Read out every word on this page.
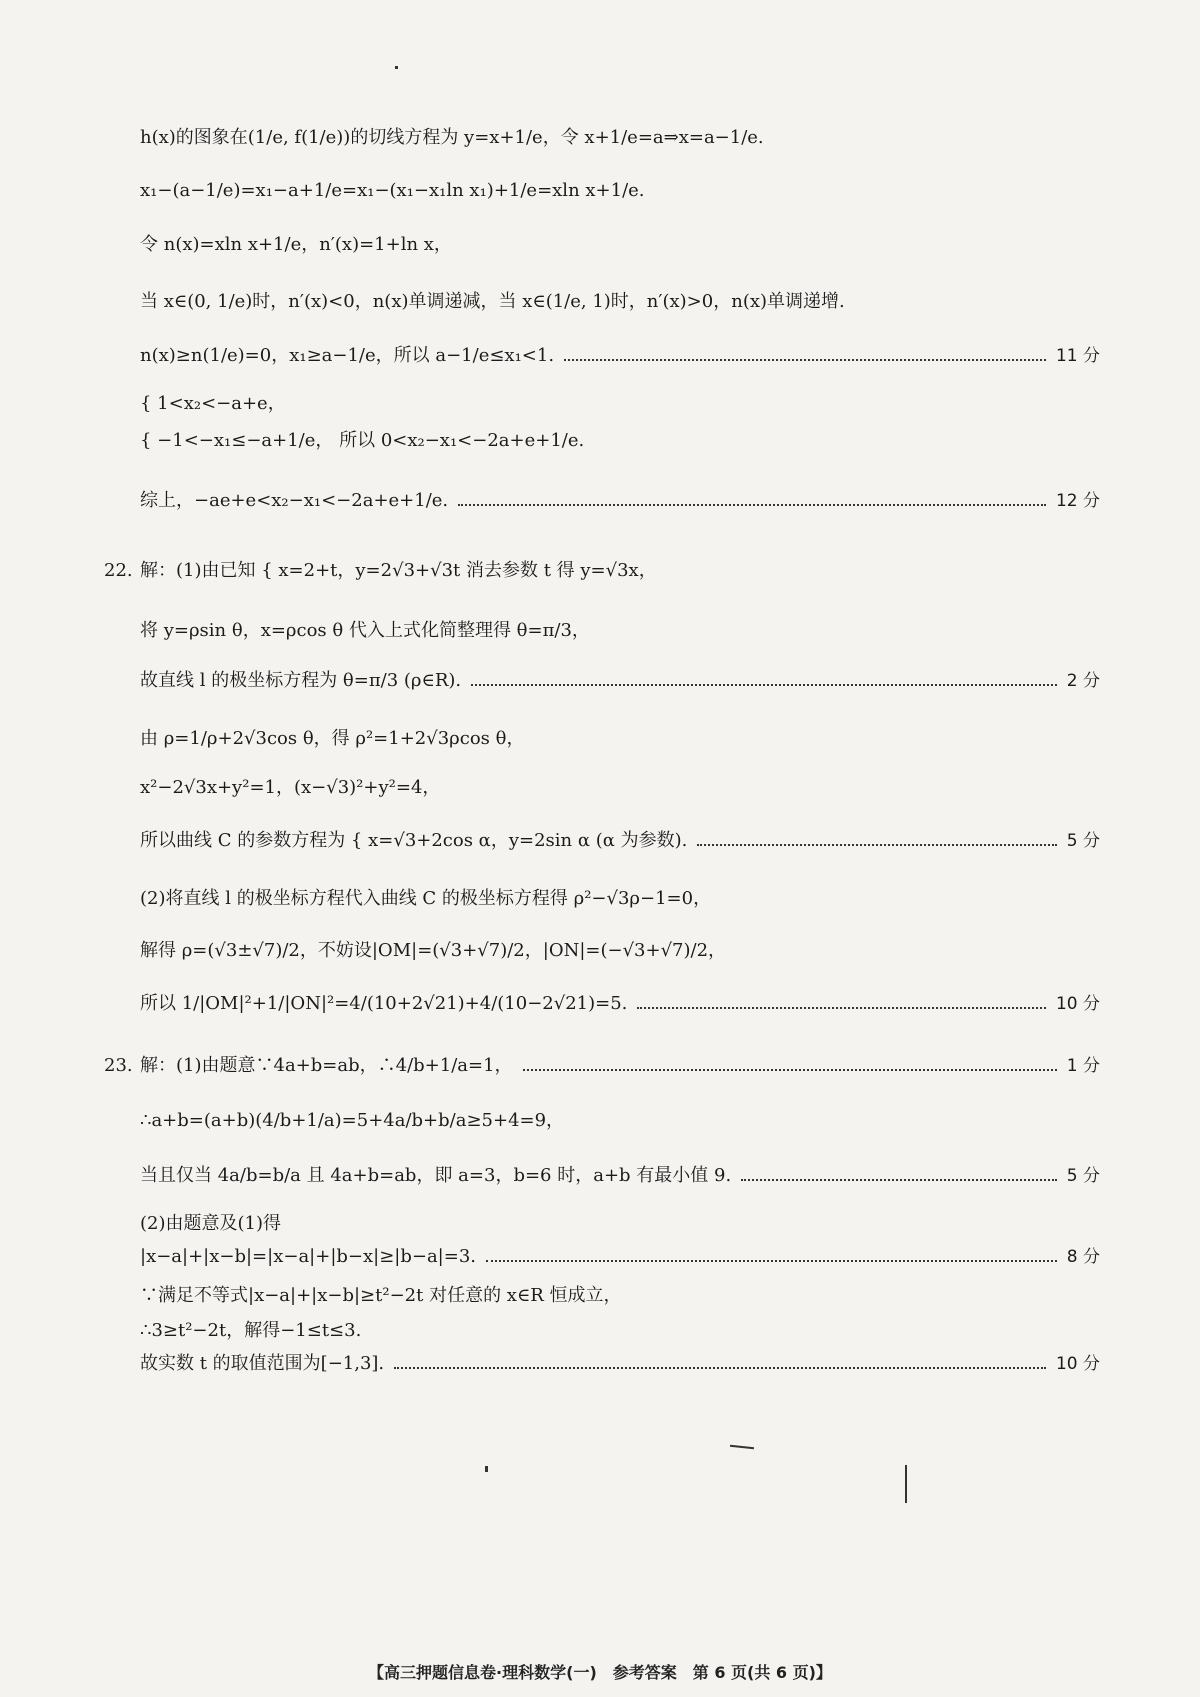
h(x)的图象在(1/e, f(1/e))的切线方程为 y=x+1/e，令 x+1/e=a⇒x=a−1/e.
x₁−(a−1/e)=x₁−a+1/e=x₁−(x₁−x₁ln x₁)+1/e=xln x+1/e.
令 n(x)=xln x+1/e，n′(x)=1+ln x，
当 x∈(0, 1/e)时，n′(x)<0，n(x)单调递减，当 x∈(1/e, 1)时，n′(x)>0，n(x)单调递增.
n(x)≥n(1/e)=0，x₁≥a−1/e，所以 a−1/e≤x₁<1.	11 分
{ 1<x₂<−a+e，
{ −1<−x₁≤−a+1/e， 所以 0<x₂−x₁<−2a+e+1/e.
综上，−ae+e<x₂−x₁<−2a+e+1/e.	12 分
22. 解：(1)由已知 { x=2+t，y=2√3+√3t 消去参数 t 得 y=√3x，
将 y=ρsin θ，x=ρcos θ 代入上式化简整理得 θ=π/3，
故直线 l 的极坐标方程为 θ=π/3 (ρ∈R).	2 分
由 ρ=1/ρ+2√3cos θ，得 ρ²=1+2√3ρcos θ，
x²−2√3x+y²=1，(x−√3)²+y²=4，
所以曲线 C 的参数方程为 { x=√3+2cos α，y=2sin α (α 为参数).	5 分
(2)将直线 l 的极坐标方程代入曲线 C 的极坐标方程得 ρ²−√3ρ−1=0，
解得 ρ=(√3±√7)/2，不妨设|OM|=(√3+√7)/2，|ON|=(−√3+√7)/2，
所以 1/|OM|²+1/|ON|²=4/(10+2√21)+4/(10−2√21)=5.	10 分
23. 解：(1)由题意∵4a+b=ab，∴4/b+1/a=1，	1 分
∴a+b=(a+b)(4/b+1/a)=5+4a/b+b/a≥5+4=9，
当且仅当 4a/b=b/a 且 4a+b=ab，即 a=3，b=6 时，a+b 有最小值 9.	5 分
(2)由题意及(1)得
|x−a|+|x−b|=|x−a|+|b−x|≥|b−a|=3.	8 分
∵满足不等式|x−a|+|x−b|≥t²−2t 对任意的 x∈R 恒成立，
∴3≥t²−2t，解得−1≤t≤3.
故实数 t 的取值范围为[−1,3].	10 分
【高三押题信息卷·理科数学(一)　参考答案　第 6 页(共 6 页)】
